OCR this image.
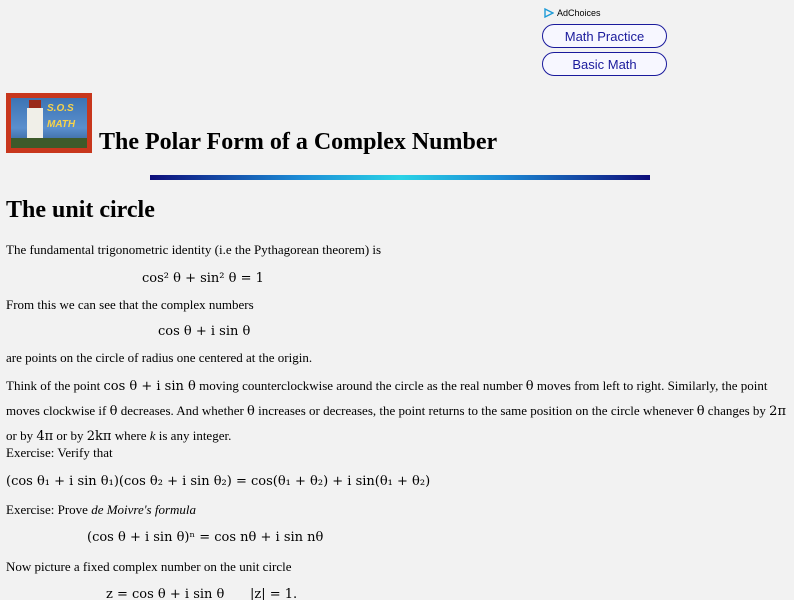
AdChoices
Math Practice
Basic Math
S.O.S
MATH
The Polar Form of a Complex Number
The unit circle

The fundamental trigonometric identity (i.e the Pythagorean theorem) is

cos² θ + sin² θ = 1

From this we can see that the complex numbers

cos θ + i sin θ

are points on the circle of radius one centered at the origin.

Think of the point cos θ + i sin θ moving counterclockwise around the circle as the real number θ moves from left to right. Similarly, the point moves clockwise if θ decreases. And whether θ increases or decreases, the point returns to the same position on the circle whenever θ changes by 2π or by 4π or by 2kπ where k is any integer.

Exercise: Verify that

(cos θ₁ + i sin θ₁)(cos θ₂ + i sin θ₂) = cos(θ₁ + θ₂) + i sin(θ₁ + θ₂)

Exercise: Prove de Moivre's formula

(cos θ + i sin θ)ⁿ = cos nθ + i sin nθ

Now picture a fixed complex number on the unit circle

z = cos θ + i sin θ |z| = 1.
